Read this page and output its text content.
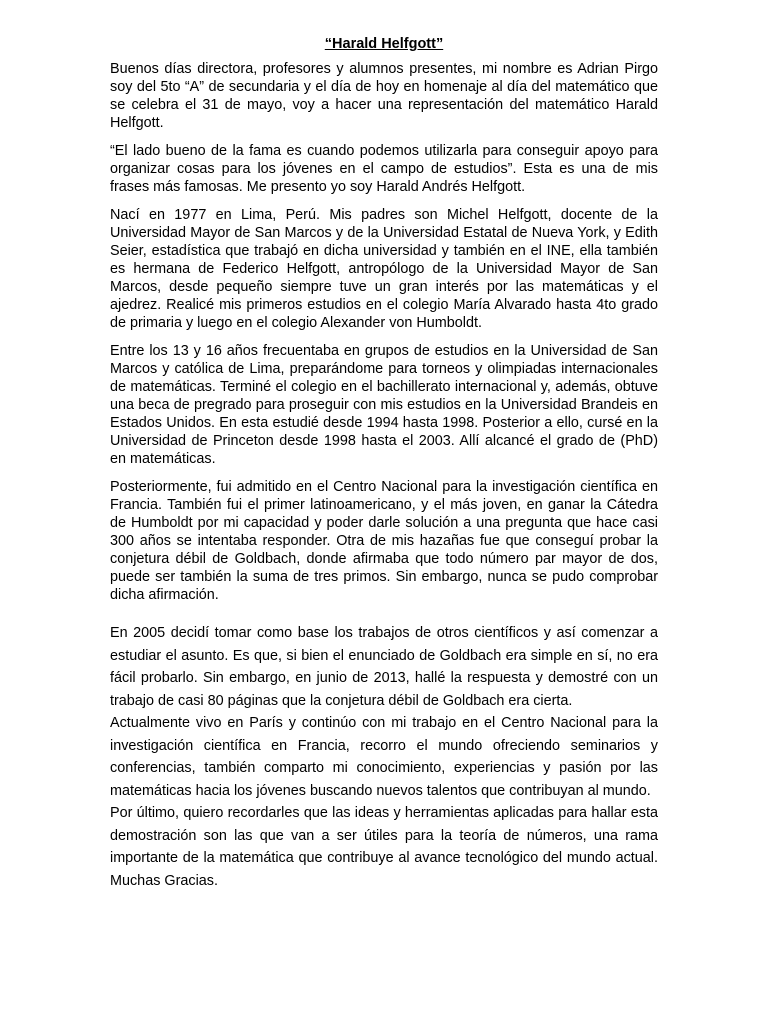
“Harald Helfgott”

Buenos días directora, profesores y alumnos presentes, mi nombre es Adrian Pirgo soy del 5to “A” de secundaria y el día de hoy en homenaje al día del matemático que se celebra el 31 de mayo, voy a hacer una representación del matemático Harald Helfgott.

“El lado bueno de la fama es cuando podemos utilizarla para conseguir apoyo para organizar cosas para los jóvenes en el campo de estudios”. Esta es una de mis frases más famosas. Me presento yo soy Harald Andrés Helfgott.

Nací en 1977 en Lima, Perú. Mis padres son Michel Helfgott, docente de la Universidad Mayor de San Marcos y de la Universidad Estatal de Nueva York, y Edith Seier, estadística que trabajó en dicha universidad y también en el INE, ella también es hermana de Federico Helfgott, antropólogo de la Universidad Mayor de San Marcos, desde pequeño siempre tuve un gran interés por las matemáticas y el ajedrez. Realicé mis primeros estudios en el colegio María Alvarado hasta 4to grado de primaria y luego en el colegio Alexander von Humboldt.

Entre los 13 y 16 años frecuentaba en grupos de estudios en la Universidad de San Marcos y católica de Lima, preparándome para torneos y olimpiadas internacionales de matemáticas. Terminé el colegio en el bachillerato internacional y, además, obtuve una beca de pregrado para proseguir con mis estudios en la Universidad Brandeis en Estados Unidos. En esta estudié desde 1994 hasta 1998. Posterior a ello, cursé en la Universidad de Princeton desde 1998 hasta el 2003. Allí alcancé el grado de (PhD) en matemáticas.

Posteriormente, fui admitido en el Centro Nacional para la investigación científica en Francia. También fui el primer latinoamericano, y el más joven, en ganar la Cátedra de Humboldt por mi capacidad y poder darle solución a una pregunta que hace casi 300 años se intentaba responder. Otra de mis hazañas fue que conseguí probar la conjetura débil de Goldbach, donde afirmaba que todo número par mayor de dos, puede ser también la suma de tres primos. Sin embargo, nunca se pudo comprobar dicha afirmación.

En 2005 decidí tomar como base los trabajos de otros científicos y así comenzar a estudiar el asunto. Es que, si bien el enunciado de Goldbach era simple en sí, no era fácil probarlo. Sin embargo, en junio de 2013, hallé la respuesta y demostré con un trabajo de casi 80 páginas que la conjetura débil de Goldbach era cierta.

Actualmente vivo en París y continúo con mi trabajo en el Centro Nacional para la investigación científica en Francia, recorro el mundo ofreciendo seminarios y conferencias, también comparto mi conocimiento, experiencias y pasión por las matemáticas hacia los jóvenes buscando nuevos talentos que contribuyan al mundo.

Por último, quiero recordarles que las ideas y herramientas aplicadas para hallar esta demostración son las que van a ser útiles para la teoría de números, una rama importante de la matemática que contribuye al avance tecnológico del mundo actual. Muchas Gracias.
